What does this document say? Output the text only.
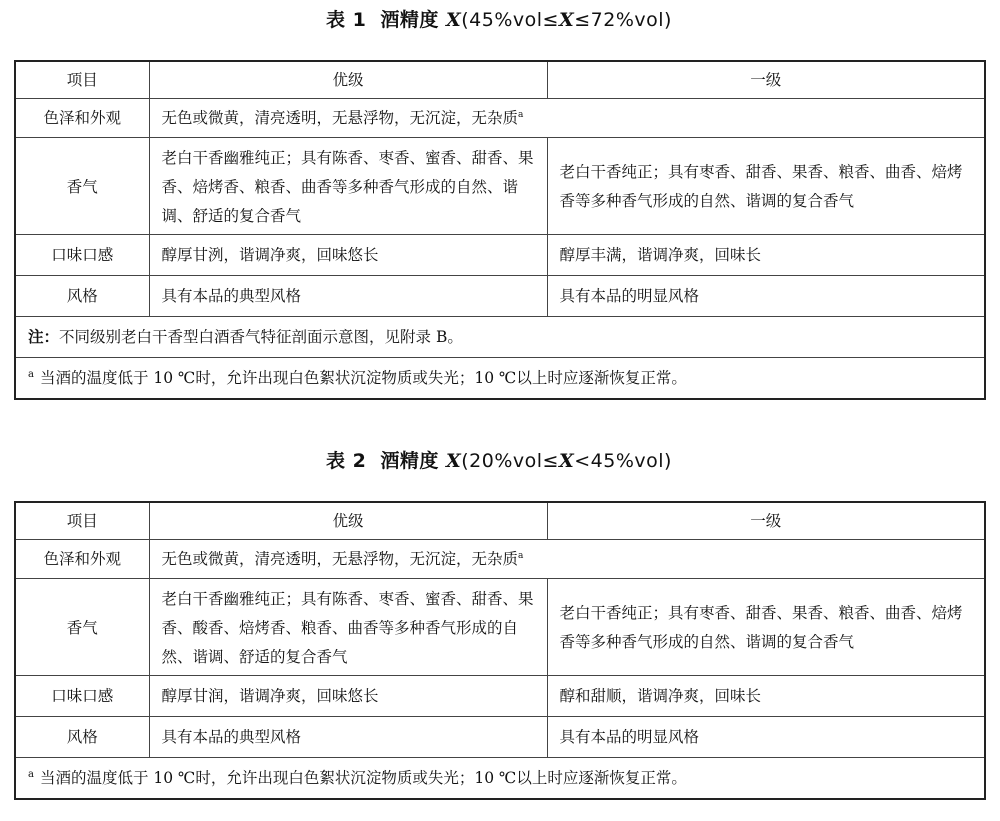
表 1 酒精度 X(45%vol≤X≤72%vol)
项目	优级	一级
色泽和外观	无色或微黄，清亮透明，无悬浮物，无沉淀，无杂质$^a$
香气	老白干香幽雅纯正；具有陈香、枣香、蜜香、甜香、果香、焙烤香、粮香、曲香等多种香气形成的自然、谐调、舒适的复合香气	老白干香纯正；具有枣香、甜香、果香、粮香、曲香、焙烤香等多种香气形成的自然、谐调的复合香气
口味口感	醇厚甘洌，谐调净爽，回味悠长	醇厚丰满，谐调净爽，回味长
风格	具有本品的典型风格	具有本品的明显风格
注：不同级别老白干香型白酒香气特征剖面示意图，见附录 B。		
$^a$ 当酒的温度低于 10 ℃时，允许出现白色絮状沉淀物质或失光；10 ℃以上时应逐渐恢复正常。		
表 2 酒精度 X(20%vol≤X<45%vol)
项目	优级	一级
色泽和外观	无色或微黄，清亮透明，无悬浮物，无沉淀，无杂质$^a$
香气	老白干香幽雅纯正；具有陈香、枣香、蜜香、甜香、果香、酸香、焙烤香、粮香、曲香等多种香气形成的自然、谐调、舒适的复合香气	老白干香纯正；具有枣香、甜香、果香、粮香、曲香、焙烤香等多种香气形成的自然、谐调的复合香气
口味口感	醇厚甘润，谐调净爽，回味悠长	醇和甜顺，谐调净爽，回味长
风格	具有本品的典型风格	具有本品的明显风格
$^a$ 当酒的温度低于 10 ℃时，允许出现白色絮状沉淀物质或失光；10 ℃以上时应逐渐恢复正常。		
